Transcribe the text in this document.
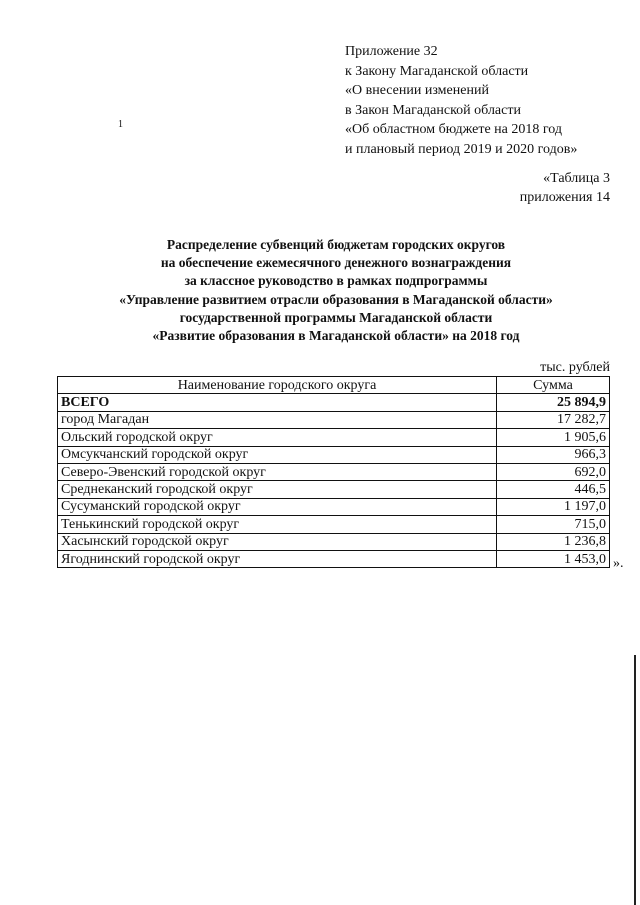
Приложение 32
к Закону Магаданской области
«О внесении изменений
в Закон Магаданской области
«Об областном бюджете на 2018 год
и плановый период 2019 и 2020 годов»
1
«Таблица 3
приложения 14
Распределение субвенций бюджетам городских округов
на обеспечение ежемесячного денежного вознаграждения
за классное руководство в рамках подпрограммы
«Управление развитием отрасли образования в Магаданской области»
государственной программы Магаданской области
«Развитие образования в Магаданской области» на 2018 год
тыс. рублей
Наименование городского округа	Сумма
ВСЕГО	25 894,9
город Магадан	17 282,7
Ольский городской округ	1 905,6
Омсукчанский городской округ	966,3
Северо-Эвенский городской округ	692,0
Среднеканский городской округ	446,5
Сусуманский городской округ	1 197,0
Тенькинский городской округ	715,0
Хасынский городской округ	1 236,8
Ягоднинский городской округ	1 453,0 ».
